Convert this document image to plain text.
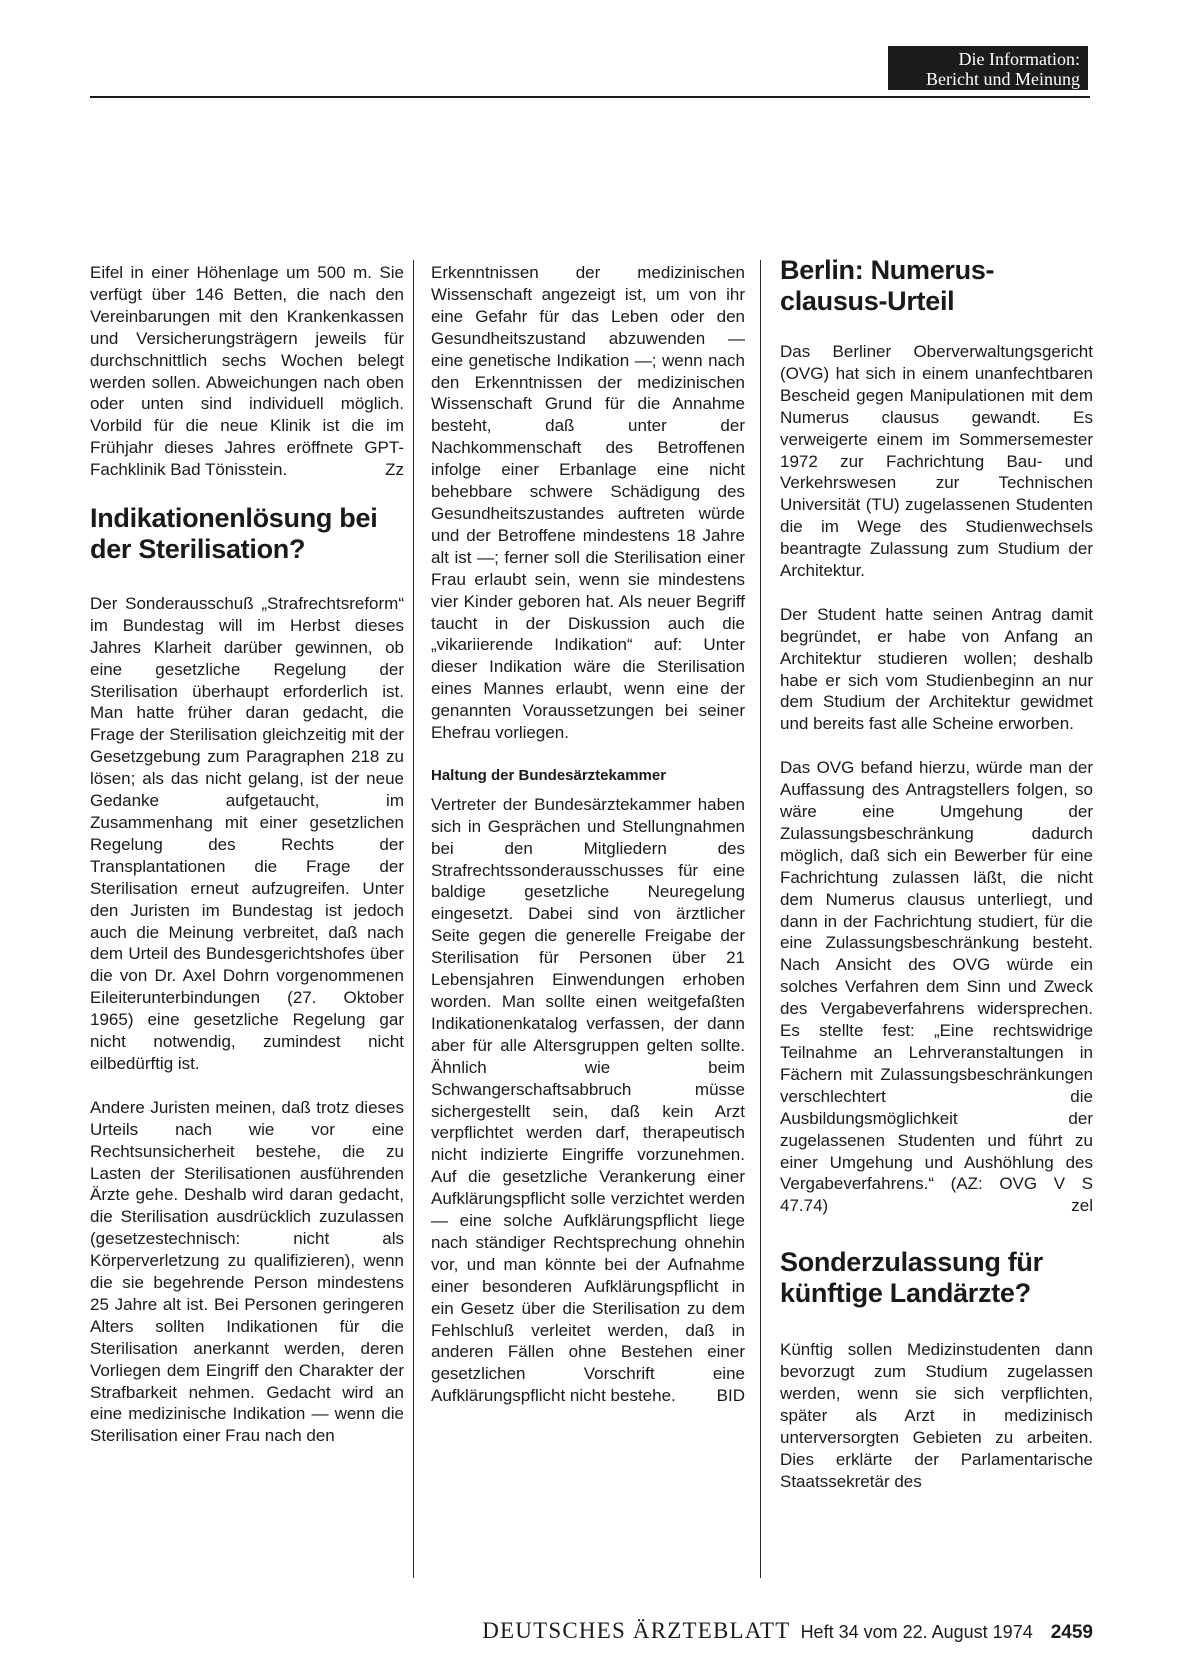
Die Information:
Bericht und Meinung

Eifel in einer Höhenlage um 500 m. Sie verfügt über 146 Betten, die nach den Vereinbarungen mit den Krankenkassen und Versicherungsträgern jeweils für durchschnittlich sechs Wochen belegt werden sollen. Abweichungen nach oben oder unten sind individuell möglich. Vorbild für die neue Klinik ist die im Frühjahr dieses Jahres eröffnete GPT-Fachklinik Bad Tönisstein.	Zz

Indikationenlösung bei der Sterilisation?

Der Sonderausschuß „Strafrechtsreform“ im Bundestag will im Herbst dieses Jahres Klarheit darüber gewinnen, ob eine gesetzliche Regelung der Sterilisation überhaupt erforderlich ist. Man hatte früher daran gedacht, die Frage der Sterilisation gleichzeitig mit der Gesetzgebung zum Paragraphen 218 zu lösen; als das nicht gelang, ist der neue Gedanke aufgetaucht, im Zusammenhang mit einer gesetzlichen Regelung des Rechts der Transplantationen die Frage der Sterilisation erneut aufzugreifen. Unter den Juristen im Bundestag ist jedoch auch die Meinung verbreitet, daß nach dem Urteil des Bundesgerichtshofes über die von Dr. Axel Dohrn vorgenommenen Eileiterunterbindungen (27. Oktober 1965) eine gesetzliche Regelung gar nicht notwendig, zumindest nicht eilbedürftig ist.

Andere Juristen meinen, daß trotz dieses Urteils nach wie vor eine Rechtsunsicherheit bestehe, die zu Lasten der Sterilisationen ausführenden Ärzte gehe. Deshalb wird daran gedacht, die Sterilisation ausdrücklich zuzulassen (gesetzestechnisch: nicht als Körperverletzung zu qualifizieren), wenn die sie begehrende Person mindestens 25 Jahre alt ist. Bei Personen geringeren Alters sollten Indikationen für die Sterilisation anerkannt werden, deren Vorliegen dem Eingriff den Charakter der Strafbarkeit nehmen. Gedacht wird an eine medizinische Indikation — wenn die Sterilisation einer Frau nach den

Erkenntnissen der medizinischen Wissenschaft angezeigt ist, um von ihr eine Gefahr für das Leben oder den Gesundheitszustand abzuwenden — eine genetische Indikation —; wenn nach den Erkenntnissen der medizinischen Wissenschaft Grund für die Annahme besteht, daß unter der Nachkommenschaft des Betroffenen infolge einer Erbanlage eine nicht behebbare schwere Schädigung des Gesundheitszustandes auftreten würde und der Betroffene mindestens 18 Jahre alt ist —; ferner soll die Sterilisation einer Frau erlaubt sein, wenn sie mindestens vier Kinder geboren hat. Als neuer Begriff taucht in der Diskussion auch die „vikariierende Indikation“ auf: Unter dieser Indikation wäre die Sterilisation eines Mannes erlaubt, wenn eine der genannten Voraussetzungen bei seiner Ehefrau vorliegen.

Haltung der Bundesärztekammer

Vertreter der Bundesärztekammer haben sich in Gesprächen und Stellungnahmen bei den Mitgliedern des Strafrechtssonderausschusses für eine baldige gesetzliche Neuregelung eingesetzt. Dabei sind von ärztlicher Seite gegen die generelle Freigabe der Sterilisation für Personen über 21 Lebensjahren Einwendungen erhoben worden. Man sollte einen weitgefaßten Indikationenkatalog verfassen, der dann aber für alle Altersgruppen gelten sollte. Ähnlich wie beim Schwangerschaftsabbruch müsse sichergestellt sein, daß kein Arzt verpflichtet werden darf, therapeutisch nicht indizierte Eingriffe vorzunehmen. Auf die gesetzliche Verankerung einer Aufklärungspflicht solle verzichtet werden — eine solche Aufklärungspflicht liege nach ständiger Rechtsprechung ohnehin vor, und man könnte bei der Aufnahme einer besonderen Aufklärungspflicht in ein Gesetz über die Sterilisation zu dem Fehlschluß verleitet werden, daß in anderen Fällen ohne Bestehen einer gesetzlichen Vorschrift eine Aufklärungspflicht nicht bestehe. BID

Berlin: Numerus-clausus-Urteil

Das Berliner Oberverwaltungsgericht (OVG) hat sich in einem unanfechtbaren Bescheid gegen Manipulationen mit dem Numerus clausus gewandt. Es verweigerte einem im Sommersemester 1972 zur Fachrichtung Bau- und Verkehrswesen zur Technischen Universität (TU) zugelassenen Studenten die im Wege des Studienwechsels beantragte Zulassung zum Studium der Architektur.

Der Student hatte seinen Antrag damit begründet, er habe von Anfang an Architektur studieren wollen; deshalb habe er sich vom Studienbeginn an nur dem Studium der Architektur gewidmet und bereits fast alle Scheine erworben.

Das OVG befand hierzu, würde man der Auffassung des Antragstellers folgen, so wäre eine Umgehung der Zulassungsbeschränkung dadurch möglich, daß sich ein Bewerber für eine Fachrichtung zulassen läßt, die nicht dem Numerus clausus unterliegt, und dann in der Fachrichtung studiert, für die eine Zulassungsbeschränkung besteht. Nach Ansicht des OVG würde ein solches Verfahren dem Sinn und Zweck des Vergabeverfahrens widersprechen. Es stellte fest: „Eine rechtswidrige Teilnahme an Lehrveranstaltungen in Fächern mit Zulassungsbeschränkungen verschlechtert die Ausbildungsmöglichkeit der zugelassenen Studenten und führt zu einer Umgehung und Aushöhlung des Vergabeverfahrens.“ (AZ: OVG V S 47.74)	zel

Sonderzulassung für künftige Landärzte?

Künftig sollen Medizinstudenten dann bevorzugt zum Studium zugelassen werden, wenn sie sich verpflichten, später als Arzt in medizinisch unterversorgten Gebieten zu arbeiten. Dies erklärte der Parlamentarische Staatssekretär des

DEUTSCHES ÄRZTEBLATT Heft 34 vom 22. August 1974 2459
